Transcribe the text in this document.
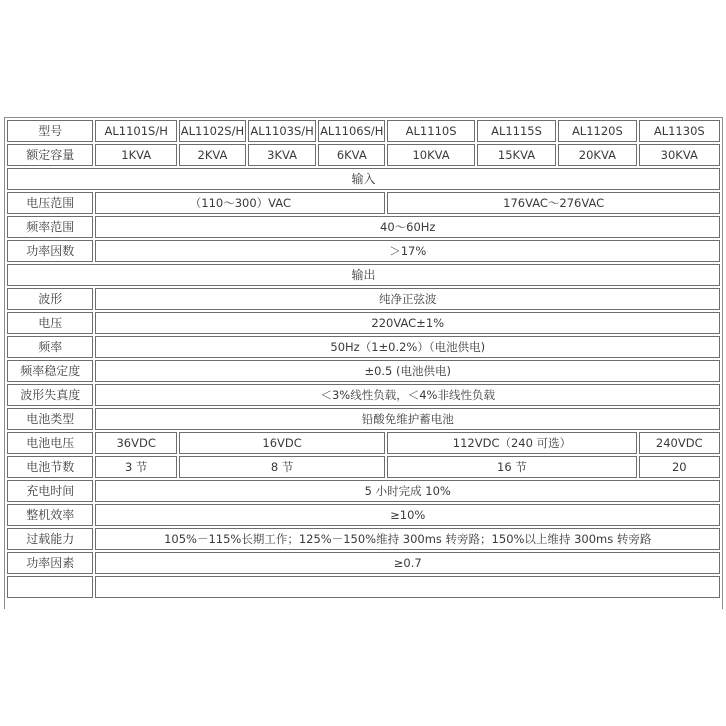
型号	AL1101S/H	AL1102S/H	AL1103S/H	AL1106S/H	AL1110S	AL1115S	AL1120S	AL1130S
额定容量	1KVA	2KVA	3KVA	6KVA	10KVA	15KVA	20KVA	30KVA
输入								
电压范围	（110～300）VAC				176VAC～276VAC			
频率范围	40～60Hz							
功率因数	＞17%							
输出								
波形	纯净正弦波							
电压	220VAC±1%							
频率	50Hz（1±0.2%）（电池供电)							
频率稳定度	±0.5 (电池供电)							
波形失真度	＜3%线性负载，＜4%非线性负载							
电池类型	铅酸免维护蓄电池							
电池电压	36VDC	16VDC			112VDC（240 可选）			240VDC
电池节数	3 节	8 节			16 节			20
充电时间	5 小时完成 10%							
整机效率	≥10%							
过载能力	105%－115%长期工作；125%－150%维持 300ms 转旁路；150%以上维持 300ms 转旁路							
功率因素	≥0.7							
